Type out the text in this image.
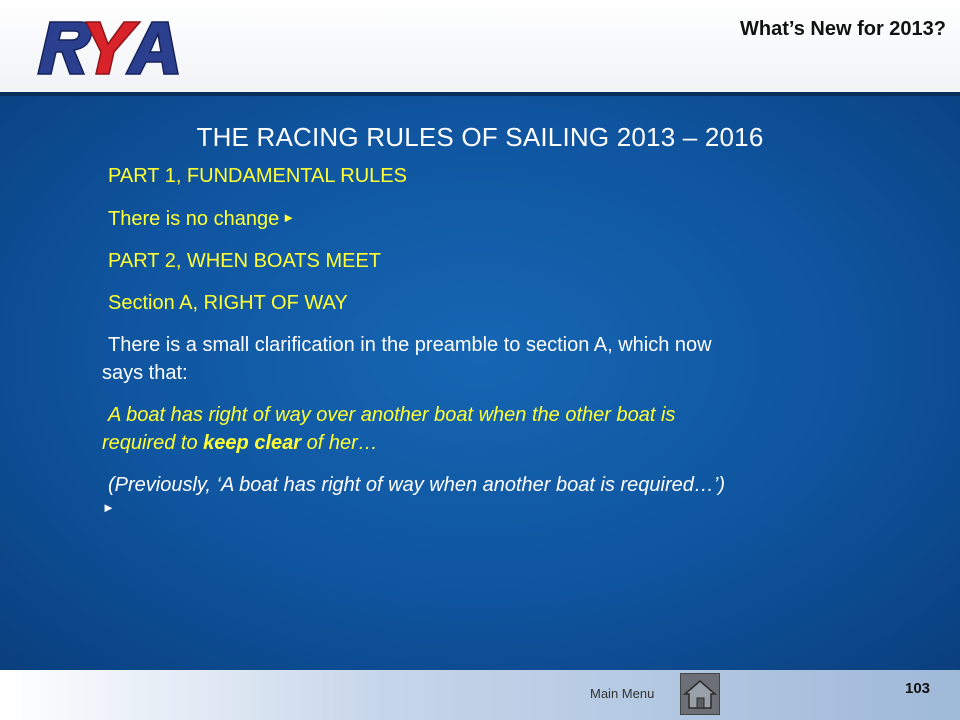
What’s New for 2013?
THE RACING RULES OF SAILING 2013 – 2016

PART 1, FUNDAMENTAL RULES

There is no change ►

PART 2, WHEN BOATS MEET

Section A, RIGHT OF WAY

There is a small clarification in the preamble to section A, which now
says that:

A boat has right of way over another boat when the other boat is
required to keep clear of her…

(Previously, ‘A boat has right of way when another boat is required…’)
►

Main Menu	103
